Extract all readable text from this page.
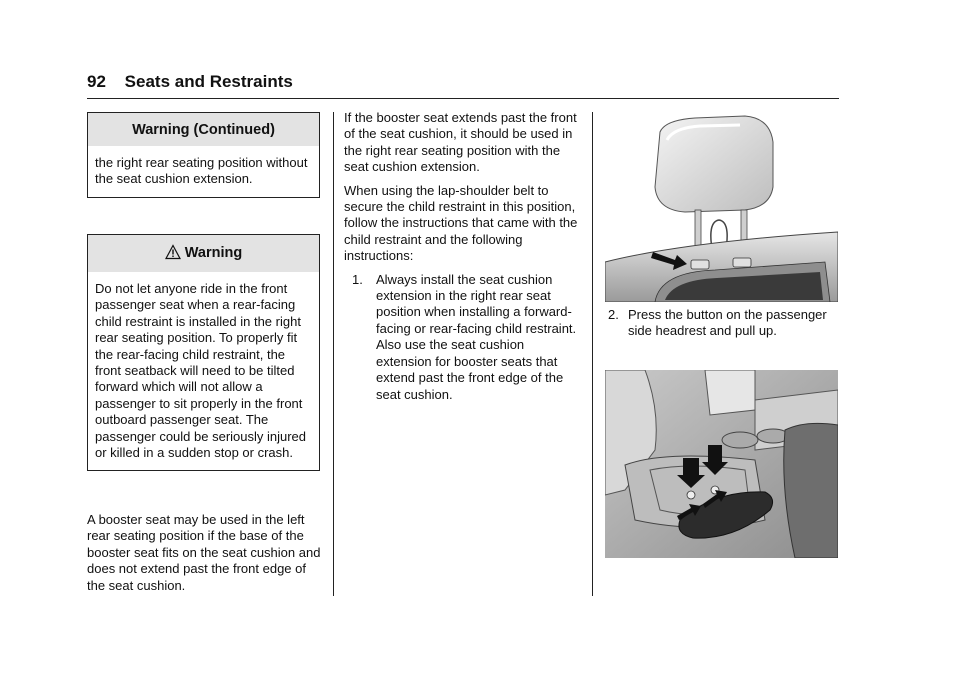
92 Seats and Restraints
Warning (Continued)
the right rear seating position without the seat cushion extension.
Warning
Do not let anyone ride in the front passenger seat when a rear-facing child restraint is installed in the right rear seating position. To properly fit the rear-facing child restraint, the front seatback will need to be tilted forward which will not allow a passenger to sit properly in the front outboard passenger seat. The passenger could be seriously injured or killed in a sudden stop or crash.
A booster seat may be used in the left rear seating position if the base of the booster seat fits on the seat cushion and does not extend past the front edge of the seat cushion.

If the booster seat extends past the front of the seat cushion, it should be used in the right rear seating position with the seat cushion extension.

When using the lap-shoulder belt to secure the child restraint in this position, follow the instructions that came with the child restraint and the following instructions:

1.	Always install the seat cushion extension in the right rear seat position when installing a forward-facing or rear-facing child restraint. Also use the seat cushion extension for booster seats that extend past the front edge of the seat cushion.
2. Press the button on the passenger side headrest and pull up.
